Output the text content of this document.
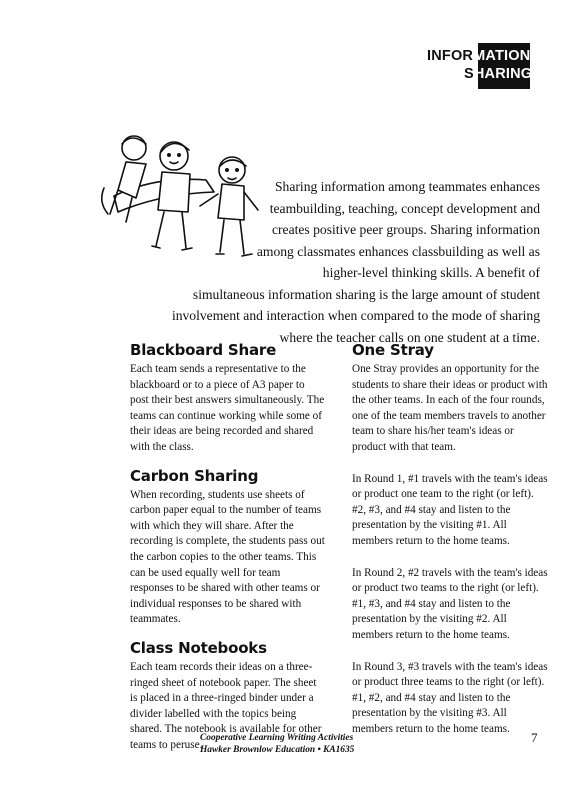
INFORMATION
SHARING
Sharing information among teammates enhances
teambuilding, teaching, concept development and
creates positive peer groups. Sharing information
among classmates enhances classbuilding as well as
higher-level thinking skills. A benefit of
simultaneous information sharing is the large amount of student
involvement and interaction when compared to the mode of sharing
where the teacher calls on one student at a time.
Blackboard Share

Each team sends a representative to the blackboard or to a piece of A3 paper to post their best answers simultaneously. The teams can continue working while some of their ideas are being recorded and shared with the class.

Carbon Sharing

When recording, students use sheets of carbon paper equal to the number of teams with which they will share. After the recording is complete, the students pass out the carbon copies to the other teams. This can be used equally well for team responses to be shared with other teams or individual responses to be shared with teammates.

Class Notebooks

Each team records their ideas on a three-ringed sheet of notebook paper. The sheet is placed in a three-ringed binder under a divider labelled with the topics being shared. The notebook is available for other teams to peruse.

One Stray

One Stray provides an opportunity for the students to share their ideas or product with the other teams. In each of the four rounds, one of the team members travels to another team to share his/her team's ideas or product with that team.

In Round 1, #1 travels with the team's ideas or product one team to the right (or left). #2, #3, and #4 stay and listen to the presentation by the visiting #1. All members return to the home teams.

In Round 2, #2 travels with the team's ideas or product two teams to the right (or left). #1, #3, and #4 stay and listen to the presentation by the visiting #2. All members return to the home teams.

In Round 3, #3 travels with the team's ideas or product three teams to the right (or left). #1, #2, and #4 stay and listen to the presentation by the visiting #3. All members return to the home teams.

Cooperative Learning Writing Activities
Hawker Brownlow Education • KA1635
7
